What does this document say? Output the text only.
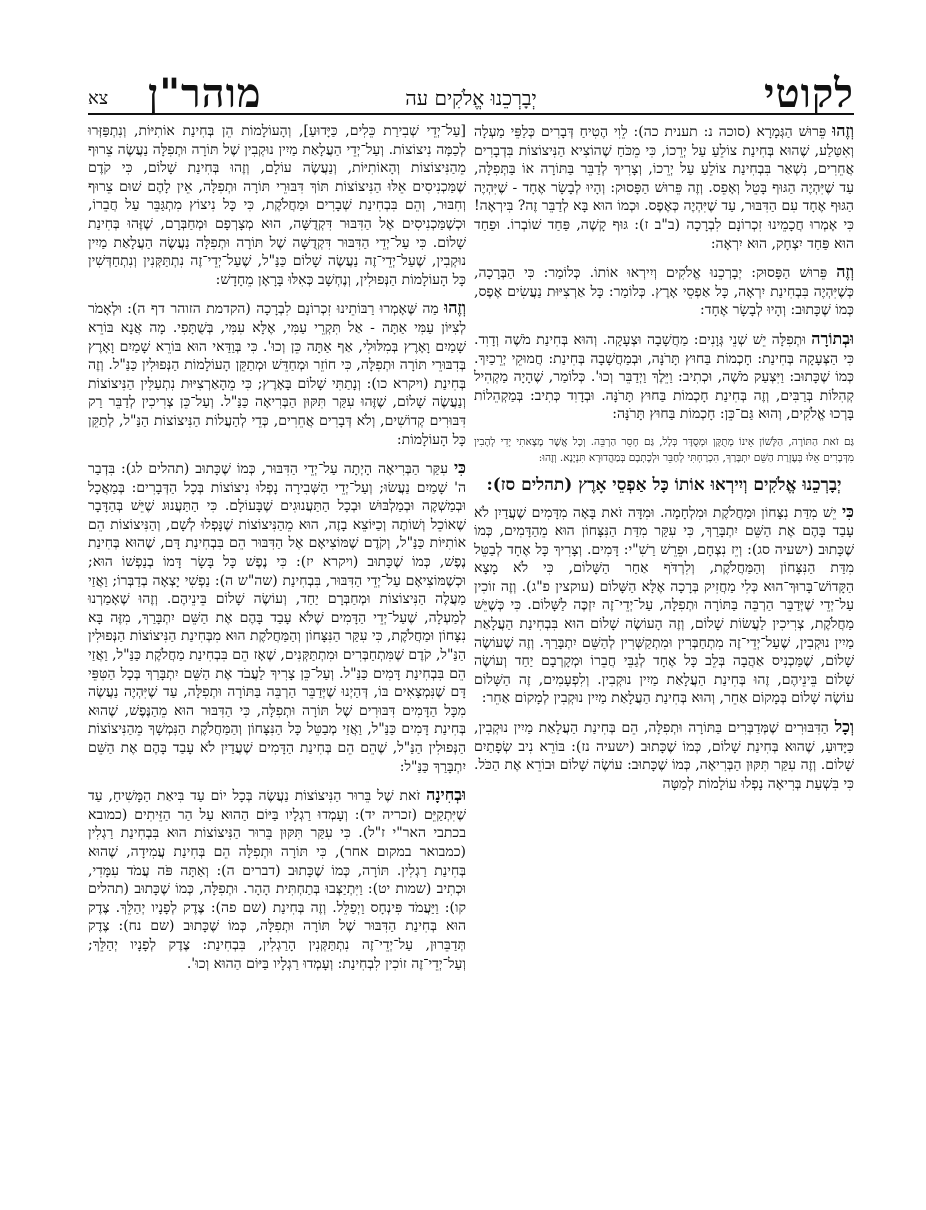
לקוטי
יְבָרְכֵנוּ אֱלֹקִים עה
מוהר"ן
צא

וְזֶהוּ פֵּרוּשׁ הַגְּמָרָא (סוכה נ: תענית כה): לֵוִי הֶטִיחַ דְּבָרִים כְּלַפֵּי מַעְלָה וְאִטַּלַע, שֶׁהוּא בְּחִינַת צוֹלֵעַ עַל יְרֵכוֹ, כִּי מֵכֹּחַ שֶׁהוֹצִיא הַנִּיצוֹצוֹת בִּדְבָרִים אֲחֵרִים, נִשְׁאַר בִּבְחִינַת צוֹלֵעַ עַל יְרֵכוֹ, וְצָרִיךְ לְדַבֵּר בַּתּוֹרָה אוֹ בַּתְּפִלָּה, עַד שֶׁיִּהְיֶה הַגּוּף בָּטֵל וְאָפֵס. וְזֶה פֵּרוּשׁ הַפָּסוּק: וְהָיוּ לְבָשָׂר אֶחָד - שֶׁיִּהְיֶה הַגּוּף אֶחָד עִם הַדִּבּוּר, עַד שֶׁיִּהְיֶה כְּאֶפֶס. וּכְמוֹ הוּא בָּא לְדַבֵּר זֶה? בִּירְאָה! כִּי אָמְרוּ חֲכָמֵינוּ זִכְרוֹנָם לִבְרָכָה (ב"ב ז): גּוּף קָשֶׁה, פַּחַד שׁוֹבְרוֹ. וּפַחַד הוּא פַּחַד יִצְחָק, הוּא יִרְאָה:

וְזֶה פֵּרוּשׁ הַפָּסוּק: יְבָרְכֵנוּ אֱלֹקִים וְיִירְאוּ אוֹתוֹ. כְּלוֹמַר: כִּי הַבְּרָכָה, כְּשֶׁיִּהְיֶה בִּבְחִינַת יִרְאָה, כָּל אַפְסֵי אָרֶץ. כְּלוֹמַר: כָּל אַרְצִיּוּת נַעֲשִׂים אֶפֶס, כְּמוֹ שֶׁכָּתוּב: וְהָיוּ לְבָשָׂר אֶחָד:

וּבְתוֹרָה וּתְפִלָּה יֵשׁ שְׁנֵי גְּוָנִים: מַחֲשָׁבָה וּצְעָקָה. וְהוּא בְּחִינַת מֹשֶׁה וְדָוִד. כִּי הַצְּעָקָה בְּחִינַת: חָכְמוֹת בַּחוּץ תָּרֹנָּה, וּבְמַחֲשָׁבָה בְּחִינַת: חֲמוּקֵי יְרֵכַיִךְ. כְּמוֹ שֶׁכָּתוּב: וַיִּצְעַק מֹשֶׁה, וּכְתִיב: וַיֵּלֶךְ וַיְדַבֵּר וְכוּ'. כְּלוֹמַר, שֶׁהָיָה מַקְהִיל קְהִלּוֹת בְּרַבִּים, וְזֶה בְּחִינַת חָכְמוֹת בַּחוּץ תָּרֹנָּה. וּבְדָוִד כְּתִיב: בְּמַקְהֵלוֹת בָּרְכוּ אֱלֹקִים, וְהוּא גַּם־כֵּן: חָכְמוֹת בַּחוּץ תָּרֹנָּה:

גַּם זֹאת הַתּוֹרָה, הַלָּשׁוֹן אֵינוֹ מְתֻקָּן וּמְסֻדָּר כְּלָל, גַּם חָסֵר הַרְבֵּה. וְכָל אֲשֶׁר מָצָאתִי יָדִי לְהָבִין מִדְּבָרִים אֵלּוּ בְּעֶזְרַת הַשֵּׁם יִתְבָּרַךְ, הִכְרַחְתִּי לְחַבֵּר וּלְכָתְבָם בְּמַהֲדוּרָא תִּנְיָנָא. וְזֶהוּ:

יְבָרְכֵנוּ אֱלֹקִים וְיִירְאוּ אוֹתוֹ כָּל אַפְסֵי אָרֶץ (תהלים סז):

כִּי יֵשׁ מִדַּת נִצָּחוֹן וּמַחֲלֹקֶת וּמִלְחָמָה. וּמִדָּה זֹאת בָּאָה מִדָּמִים שֶׁעֲדַיִן לֹא עָבַד בָּהֶם אֶת הַשֵּׁם יִתְבָּרַךְ, כִּי עִקַּר מִדַּת הַנִּצָּחוֹן הוּא מֵהַדָּמִים, כְּמוֹ שֶׁכָּתוּב (ישעיה סג): וְיֵז נִצְחָם, וּפֵרֵשׁ רַשִׁ"י: דָּמִים. וְצָרִיךְ כָּל אֶחָד לְבַטֵּל מִדַּת הַנִּצָּחוֹן וְהַמַּחֲלֹקֶת, וְלִרְדֹּף אַחַר הַשָּׁלוֹם, כִּי לֹא מָצָא הַקָּדוֹשׁ־בָּרוּךְ־הוּא כְּלִי מַחֲזִיק בְּרָכָה אֶלָּא הַשָּׁלוֹם (עוקצין פ"ג). וְזֶה זוֹכִין עַל־יְדֵי שֶׁיְּדַבֵּר הַרְבֵּה בַּתּוֹרָה וּתְפִלָּה, עַל־יְדֵי־זֶה יִזְכֶּה לַשָּׁלוֹם. כִּי כְּשֶׁיֵּשׁ מַחֲלֹקֶת, צְרִיכִין לַעֲשׂוֹת שָׁלוֹם, וְזֶה הָעוֹשֶׂה שָׁלוֹם הוּא בִּבְחִינַת הַעֲלָאַת מַיִין נוּקְבִין, שֶׁעַל־יְדֵי־זֶה מִתְחַבְּרִין וּמִתְקַשְּׁרִין לְהַשֵּׁם יִתְבָּרַךְ. וְזֶה שֶׁעוֹשֶׂה שָׁלוֹם, שֶׁמַּכְנִיס אַהֲבָה בְּלֵב כָּל אֶחָד לְגַבֵּי חֲבֵרוֹ וּמְקָרְבָם יַחַד וְעוֹשֶׂה שָׁלוֹם בֵּינֵיהֶם, זֶהוּ בְּחִינַת הַעֲלָאַת מַיִין נוּקְבִין. וְלִפְעָמִים, זֶה הַשָּׁלוֹם עוֹשֶׂה שָׁלוֹם בְּמָקוֹם אַחֵר, וְהוּא בְּחִינַת הַעֲלָאַת מַיִין נוּקְבִין לְמָקוֹם אַחֵר:

וְכָל הַדִּבּוּרִים שֶׁמְּדַבְּרִים בַּתּוֹרָה וּתְפִלָּה, הֵם בְּחִינַת הַעֲלָאַת מַיִין נוּקְבִין, כַּיָּדוּעַ, שֶׁהוּא בְּחִינַת שָׁלוֹם, כְּמוֹ שֶׁכָּתוּב (ישעיה נז): בּוֹרֵא נִיב שְׂפָתַיִם שָׁלוֹם. וְזֶה עִקַּר תִּקּוּן הַבְּרִיאָה, כְּמוֹ שֶׁכָּתוּב: עוֹשֶׂה שָׁלוֹם וּבוֹרֵא אֶת הַכֹּל. כִּי בִּשְׁעַת בְּרִיאָה נָפְלוּ עוֹלָמוֹת לְמַטָּה

[עַל־יְדֵי שְׁבִירַת כֵּלִים, כַּיָּדוּעַ], וְהָעוֹלָמוֹת הֵן בְּחִינַת אוֹתִיּוֹת, וְנִתְפַּזְּרוּ לְכַמָּה נִיצוֹצוֹת. וְעַל־יְדֵי הַעֲלָאַת מַיִין נוּקְבִין שֶׁל תּוֹרָה וּתְפִלָּה נַעֲשֶׂה צֵרוּף מֵהַנִּיצוֹצוֹת וְהָאוֹתִיּוֹת, וְנַעֲשֶׂה עוֹלָם, וְזֶהוּ בְּחִינַת שָׁלוֹם, כִּי קֹדֶם שֶׁמַּכְנִיסִים אֵלּוּ הַנִּיצוֹצוֹת תּוֹךְ דִּבּוּרֵי תּוֹרָה וּתְפִלָּה, אֵין לָהֶם שׁוּם צֵרוּף וְחִבּוּר, וְהֵם בִּבְחִינַת שְׁבָרִים וּמַחֲלֹקֶת, כִּי כָּל נִיצוֹץ מִתְגַּבֵּר עַל חֲבֵרוֹ, וּכְשֶׁמַּכְנִיסִים אֶל הַדִּבּוּר דִּקְדֻשָּׁה, הוּא מְצָרְפָם וּמְחַבְּרָם, שֶׁזֶּהוּ בְּחִינַת שָׁלוֹם. כִּי עַל־יְדֵי הַדִּבּוּר דִּקְדֻשָּׁה שֶׁל תּוֹרָה וּתְפִלָּה נַעֲשֶׂה הַעֲלָאַת מַיִין נוּקְבִין, שֶׁעַל־יְדֵי־זֶה נַעֲשֶׂה שָׁלוֹם כַּנַּ"ל, שֶׁעַל־יְדֵי־זֶה נִתְתַּקְּנִין וְנִתְחַדְּשִׁין כָּל הָעוֹלָמוֹת הַנְּפוּלִין, וְנֶחְשָׁב כְּאִלּוּ בָּרָאָן מֵחָדָשׁ:

וְזֶהוּ מַה שֶּׁאָמְרוּ רַבּוֹתֵינוּ זִכְרוֹנָם לִבְרָכָה (הקדמת הזוהר דף ה): וּלְאָמֹר לְצִיּוֹן עַמִּי אַתָּה - אַל תִּקְרֵי עַמִּי, אֶלָּא עִמִּי, בְּשֻׁתָּפִי. מָה אֲנָא בּוֹרֵא שָׁמַיִם וָאָרֶץ בְּמִלּוּלִי, אַף אַתָּה כֵּן וְכוּ'. כִּי בְּוַדַּאי הוּא בּוֹרֵא שָׁמַיִם וָאָרֶץ בְּדִבּוּרֵי תּוֹרָה וּתְפִלָּה, כִּי חוֹזֵר וּמְחַדֵּשׁ וּמְתַקֵּן הָעוֹלָמוֹת הַנְּפוּלִין כַּנַּ"ל. וְזֶה בְּחִינַת (ויקרא כו): וְנָתַתִּי שָׁלוֹם בָּאָרֶץ; כִּי מֵהָאַרְצִיּוּת נִתְעַלִּין הַנִּיצוֹצוֹת וְנַעֲשֶׂה שָׁלוֹם, שֶׁזֶּהוּ עִקַּר תִּקּוּן הַבְּרִיאָה כַּנַּ"ל. וְעַל־כֵּן צְרִיכִין לְדַבֵּר רַק דִּבּוּרִים קְדוֹשִׁים, וְלֹא דְּבָרִים אֲחֵרִים, כְּדֵי לְהַעֲלוֹת הַנִּיצוֹצוֹת הַנַּ"ל, לְתַקֵּן כָּל הָעוֹלָמוֹת:

כִּי עִקַּר הַבְּרִיאָה הָיְתָה עַל־יְדֵי הַדִּבּוּר, כְּמוֹ שֶׁכָּתוּב (תהלים לג): בִּדְבַר ה' שָׁמַיִם נַעֲשׂוּ; וְעַל־יְדֵי הַשְּׁבִירָה נָפְלוּ נִיצוֹצוֹת בְּכָל הַדְּבָרִים: בְּמַאֲכָל וּבְמַשְׁקֶה וּבְמַלְבּוּשׁ וּבְכָל הַתַּעֲנוּגִים שֶׁבָּעוֹלָם. כִּי הַתַּעֲנוּג שֶׁיֵּשׁ בְּהַדָּבָר שֶׁאוֹכֵל וְשׁוֹתֶה וְכַיּוֹצֵא בָזֶה, הוּא מֵהַנִּיצוֹצוֹת שֶׁנָּפְלוּ לְשָׁם, וְהַנִּיצוֹצוֹת הֵם אוֹתִיּוֹת כַּנַּ"ל, וְקֹדֶם שֶׁמּוֹצִיאָם אֶל הַדִּבּוּר הֵם בִּבְחִינַת דָּם, שֶׁהוּא בְּחִינַת נֶפֶשׁ, כְּמוֹ שֶׁכָּתוּב (ויקרא יז): כִּי נֶפֶשׁ כָּל בָּשָׂר דָּמוֹ בְנַפְשׁוֹ הוּא; וּכְשֶׁמּוֹצִיאָם עַל־יְדֵי הַדִּבּוּר, בִּבְחִינַת (שה"ש ה): נַפְשִׁי יָצְאָה בְדַבְּרוֹ; וַאֲזַי מַעֲלֶה הַנִּיצוֹצוֹת וּמְחַבְּרָם יַחַד, וְעוֹשֶׂה שָׁלוֹם בֵּינֵיהֶם. וְזֶהוּ שֶׁאָמַרְנוּ לְמַעְלָה, שֶׁעַל־יְדֵי הַדָּמִים שֶׁלֹּא עָבַד בָּהֶם אֶת הַשֵּׁם יִתְבָּרַךְ, מִזֶּה בָּא נִצָּחוֹן וּמַחֲלֹקֶת, כִּי עִקַּר הַנִּצָּחוֹן וְהַמַּחֲלֹקֶת הוּא מִבְּחִינַת הַנִּיצוֹצוֹת הַנְּפוּלִין הַנַּ"ל, קֹדֶם שֶׁמִּתְחַבְּרִים וּמִתְתַּקְּנִים, שֶׁאָז הֵם בִּבְחִינַת מַחֲלֹקֶת כַּנַּ"ל, וַאֲזַי הֵם בִּבְחִינַת דָּמִים כַּנַּ"ל. וְעַל־כֵּן צָרִיךְ לַעֲבֹד אֶת הַשֵּׁם יִתְבָּרַךְ בְּכָל הַטִּפֵּי דָּם שֶׁנִּמְצָאִים בּוֹ, דְּהַיְנוּ שֶׁיְּדַבֵּר הַרְבֵּה בַּתּוֹרָה וּתְפִלָּה, עַד שֶׁיִּהְיֶה נַעֲשֶׂה מִכָּל הַדָּמִים דִּבּוּרִים שֶׁל תּוֹרָה וּתְפִלָּה, כִּי הַדִּבּוּר הוּא מֵהַנֶּפֶשׁ, שֶׁהוּא בְּחִינַת דָּמִים כַּנַּ"ל, וַאֲזַי מְבַטֵּל כָּל הַנִּצָּחוֹן וְהַמַּחֲלֹקֶת הַנִּמְשָׁךְ מֵהַנִּיצוֹצוֹת הַנְּפוּלִין הַנַּ"ל, שֶׁהֵם הֵם בְּחִינַת הַדָּמִים שֶׁעֲדַיִן לֹא עָבַד בָּהֶם אֶת הַשֵּׁם יִתְבָּרַךְ כַּנַּ"ל:

וּבְחִינָה זֹאת שֶׁל בֵּרוּר הַנִּיצוֹצוֹת נַעֲשֶׂה בְּכָל יוֹם עַד בִּיאַת הַמָּשִׁיחַ, עַד שֶׁיִּתְקַיֵּם (זכריה יד): וְעָמְדוּ רַגְלָיו בַּיּוֹם הַהוּא עַל הַר הַזֵּיתִים (כמובא בכתבי האר"י ז"ל). כִּי עִקַּר תִּקּוּן בֵּרוּר הַנִּיצוֹצוֹת הוּא בִּבְחִינַת רַגְלִין (כמבואר במקום אחר), כִּי תּוֹרָה וּתְפִלָּה הֵם בְּחִינַת עֲמִידָה, שֶׁהוּא בְּחִינַת רַגְלִין. תּוֹרָה, כְּמוֹ שֶׁכָּתוּב (דברים ה): וְאַתָּה פֹּה עֲמֹד עִמָּדִי, וּכְתִיב (שמות יט): וַיִּתְיַצְּבוּ בְּתַחְתִּית הָהָר. וּתְפִלָּה, כְּמוֹ שֶׁכָּתוּב (תהלים קו): וַיַּעֲמֹד פִּינְחָס וַיְפַלֵּל. וְזֶה בְּחִינַת (שם פה): צֶדֶק לְפָנָיו יְהַלֵּךְ. צֶדֶק הוּא בְּחִינַת הַדִּבּוּר שֶׁל תּוֹרָה וּתְפִלָּה, כְּמוֹ שֶׁכָּתוּב (שם נח): צֶדֶק תְּדַבֵּרוּן, עַל־יְדֵי־זֶה נִתְתַּקְּנִין הָרַגְלִין, בִּבְחִינַת: צֶדֶק לְפָנָיו יְהַלֵּךְ; וְעַל־יְדֵי־זֶה זוֹכִין לִבְחִינַת: וְעָמְדוּ רַגְלָיו בַּיּוֹם הַהוּא וְכוּ'.
